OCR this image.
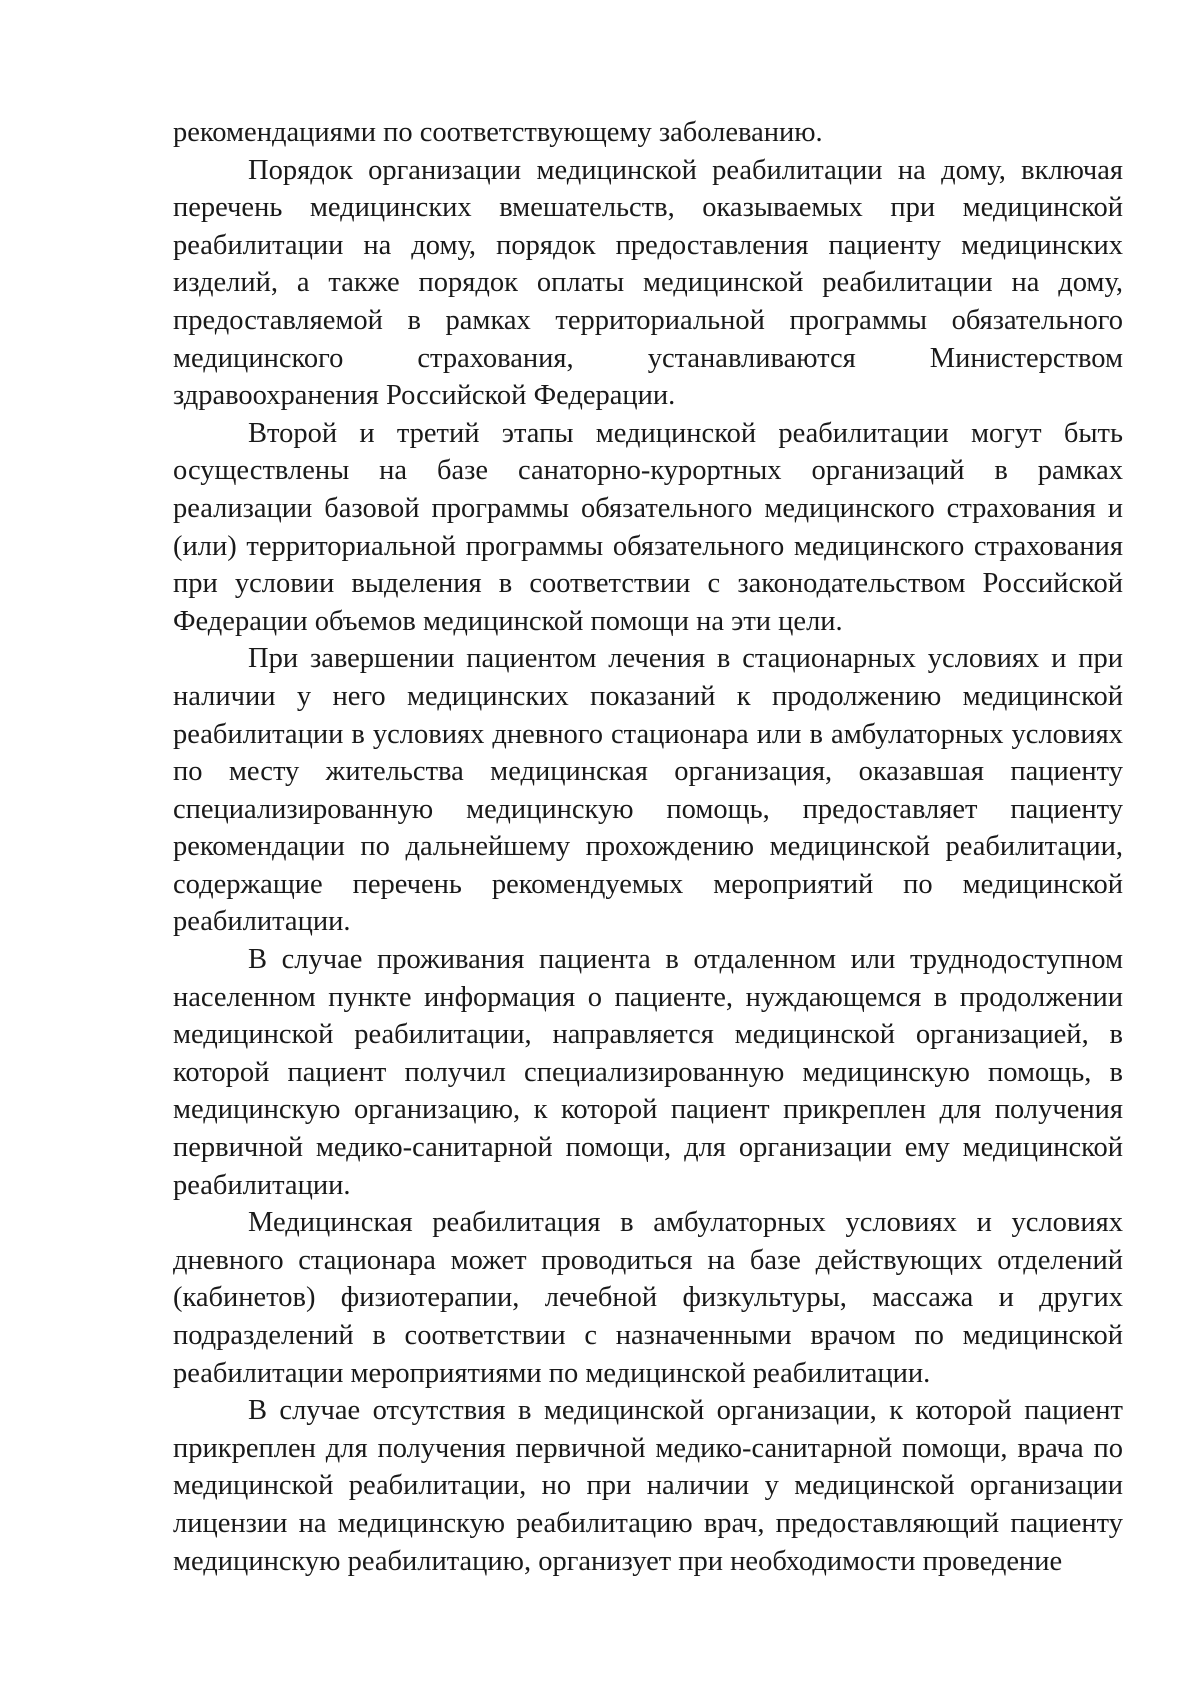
рекомендациями по соответствующему заболеванию.

Порядок организации медицинской реабилитации на дому, включая перечень медицинских вмешательств, оказываемых при медицинской реабилитации на дому, порядок предоставления пациенту медицинских изделий, а также порядок оплаты медицинской реабилитации на дому, предоставляемой в рамках территориальной программы обязательного медицинского страхования, устанавливаются Министерством здравоохранения Российской Федерации.

Второй и третий этапы медицинской реабилитации могут быть осуществлены на базе санаторно-курортных организаций в рамках реализации базовой программы обязательного медицинского страхования и (или) территориальной программы обязательного медицинского страхования при условии выделения в соответствии с законодательством Российской Федерации объемов медицинской помощи на эти цели.

При завершении пациентом лечения в стационарных условиях и при наличии у него медицинских показаний к продолжению медицинской реабилитации в условиях дневного стационара или в амбулаторных условиях по месту жительства медицинская организация, оказавшая пациенту специализированную медицинскую помощь, предоставляет пациенту рекомендации по дальнейшему прохождению медицинской реабилитации, содержащие перечень рекомендуемых мероприятий по медицинской реабилитации.

В случае проживания пациента в отдаленном или труднодоступном населенном пункте информация о пациенте, нуждающемся в продолжении медицинской реабилитации, направляется медицинской организацией, в которой пациент получил специализированную медицинскую помощь, в медицинскую организацию, к которой пациент прикреплен для получения первичной медико-санитарной помощи, для организации ему медицинской реабилитации.

Медицинская реабилитация в амбулаторных условиях и условиях дневного стационара может проводиться на базе действующих отделений (кабинетов) физиотерапии, лечебной физкультуры, массажа и других подразделений в соответствии с назначенными врачом по медицинской реабилитации мероприятиями по медицинской реабилитации.

В случае отсутствия в медицинской организации, к которой пациент прикреплен для получения первичной медико-санитарной помощи, врача по медицинской реабилитации, но при наличии у медицинской организации лицензии на медицинскую реабилитацию врач, предоставляющий пациенту медицинскую реабилитацию, организует при необходимости проведение
